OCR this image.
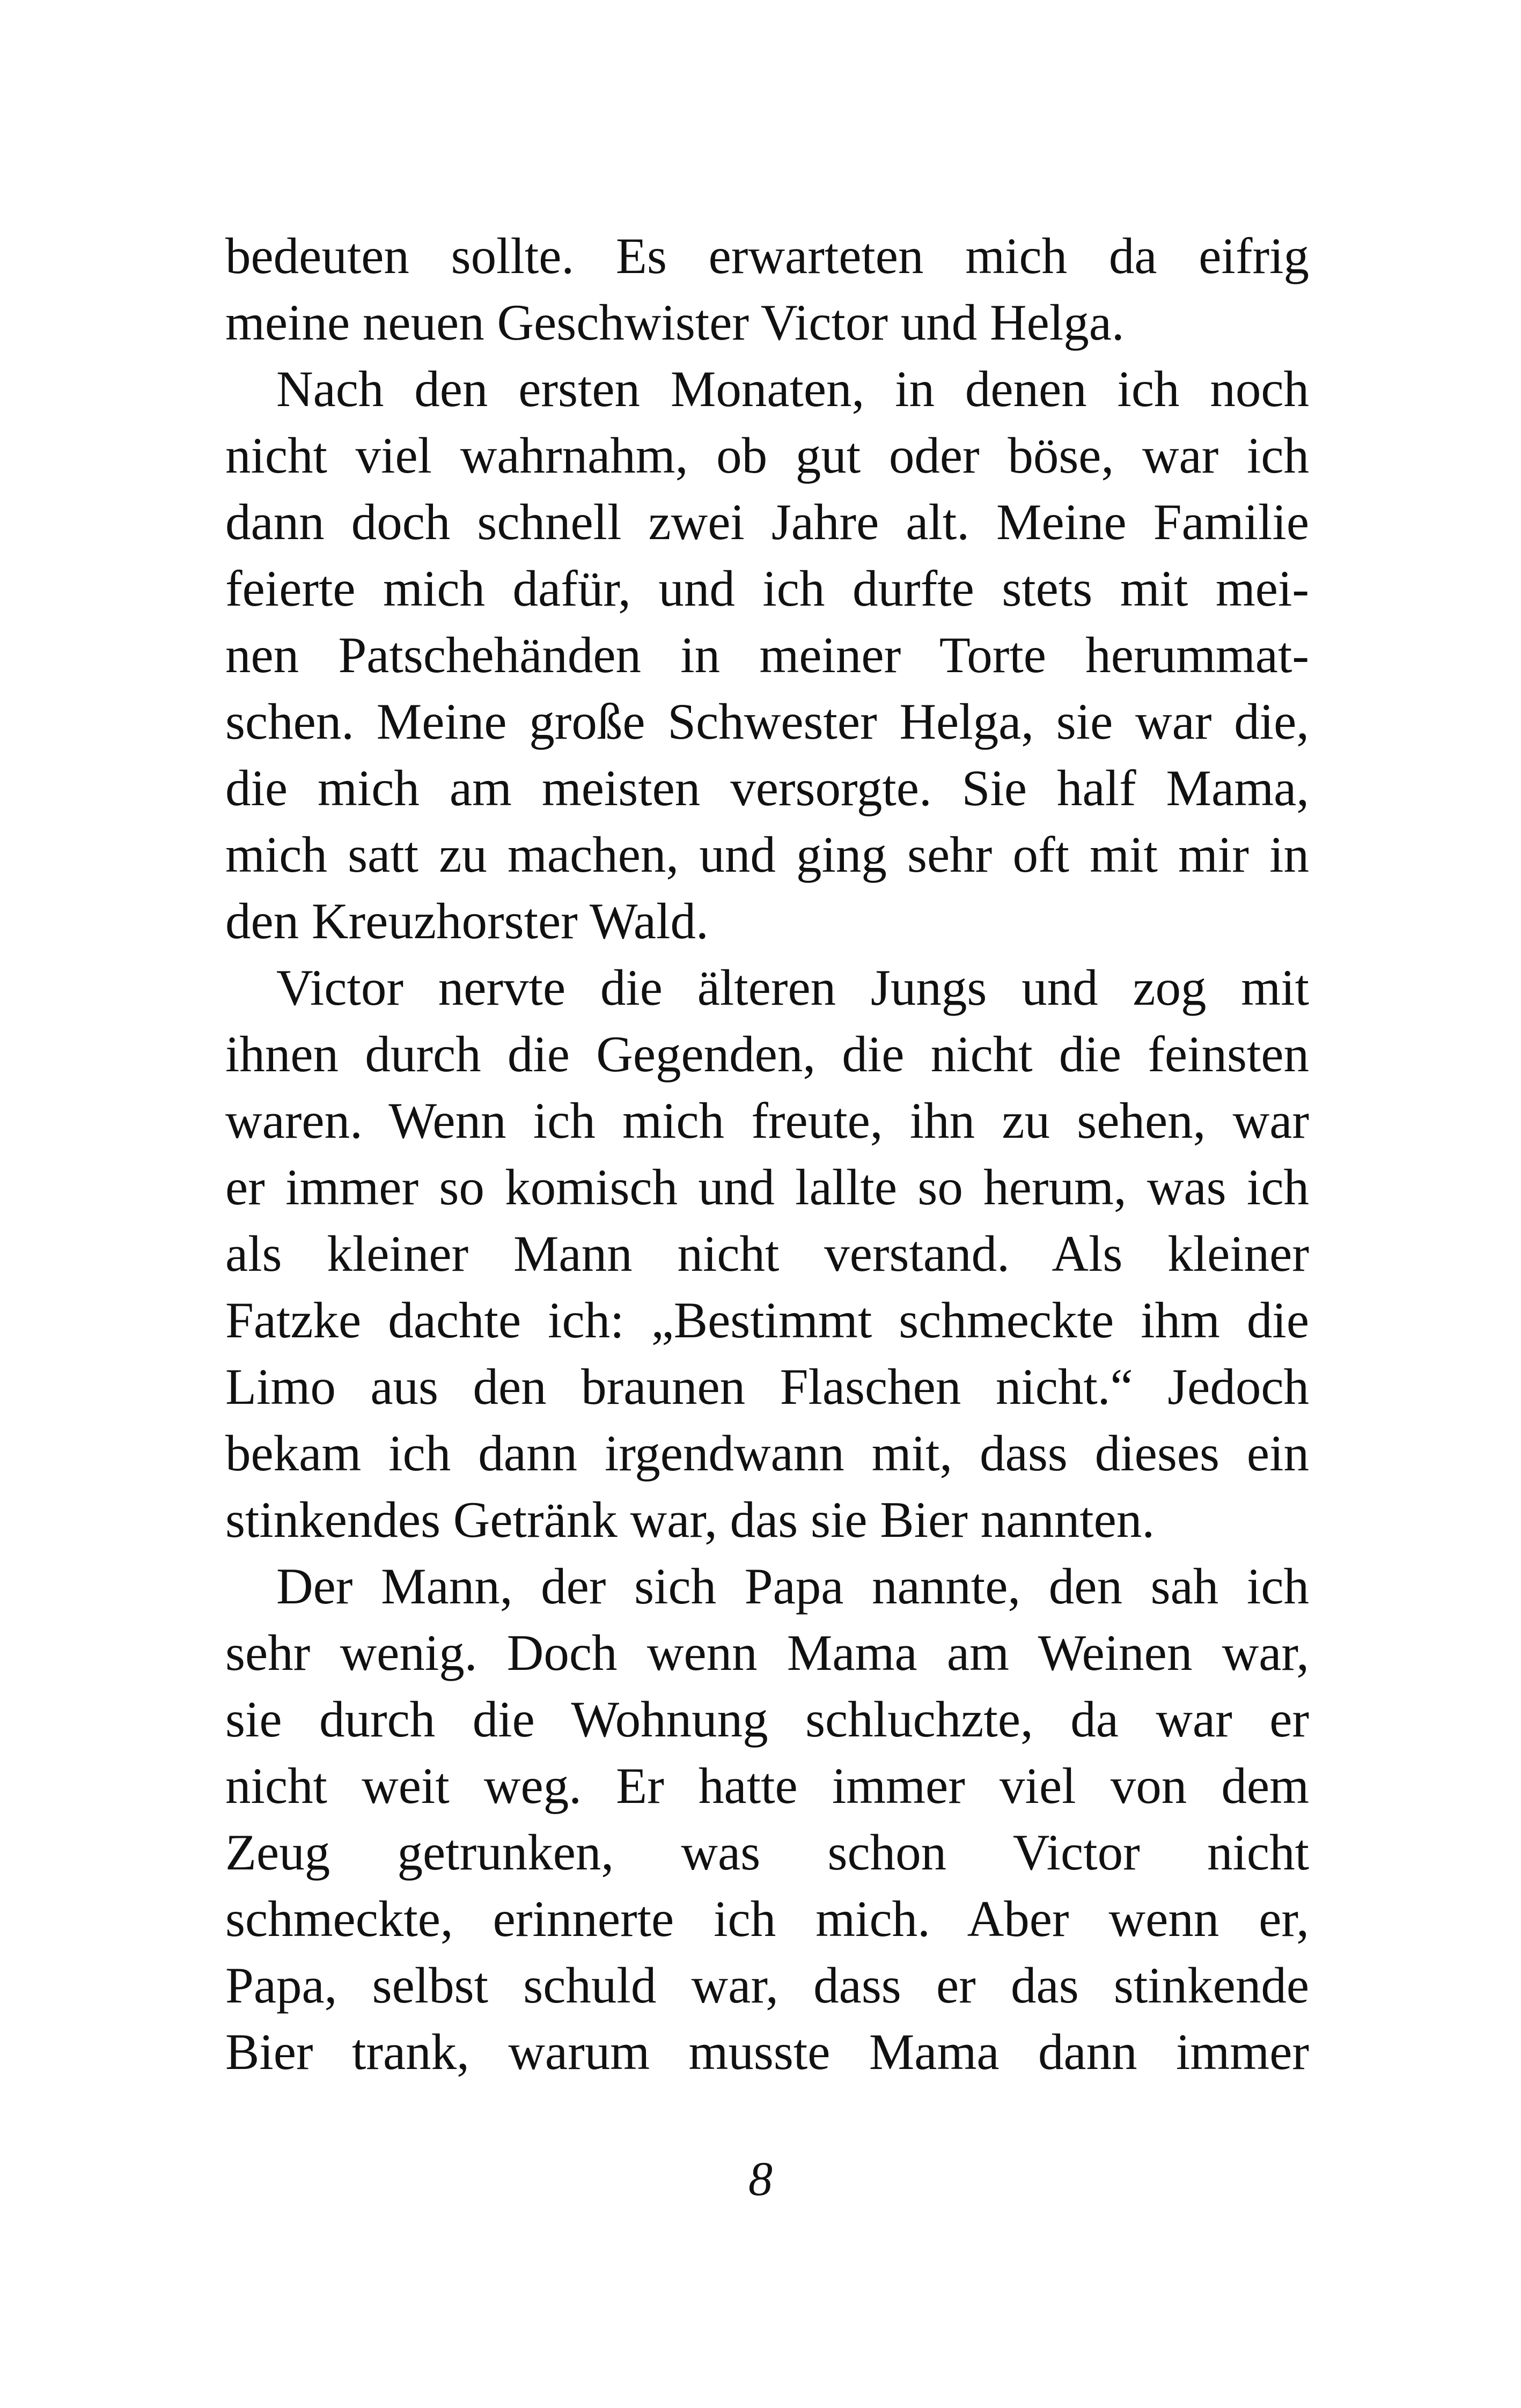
bedeuten sollte. Es erwarteten mich da eifrig
meine neuen Geschwister Victor und Helga.
Nach den ersten Monaten, in denen ich noch
nicht viel wahrnahm, ob gut oder böse, war ich
dann doch schnell zwei Jahre alt. Meine Familie
feierte mich dafür, und ich durfte stets mit mei-
nen Patschehänden in meiner Torte herummat-
schen. Meine große Schwester Helga, sie war die,
die mich am meisten versorgte. Sie half Mama,
mich satt zu machen, und ging sehr oft mit mir in
den Kreuzhorster Wald.
Victor nervte die älteren Jungs und zog mit
ihnen durch die Gegenden, die nicht die feinsten
waren. Wenn ich mich freute, ihn zu sehen, war
er immer so komisch und lallte so herum, was ich
als kleiner Mann nicht verstand. Als kleiner
Fatzke dachte ich: „Bestimmt schmeckte ihm die
Limo aus den braunen Flaschen nicht.“ Jedoch
bekam ich dann irgendwann mit, dass dieses ein
stinkendes Getränk war, das sie Bier nannten.
Der Mann, der sich Papa nannte, den sah ich
sehr wenig. Doch wenn Mama am Weinen war,
sie durch die Wohnung schluchzte, da war er
nicht weit weg. Er hatte immer viel von dem
Zeug getrunken, was schon Victor nicht
schmeckte, erinnerte ich mich. Aber wenn er,
Papa, selbst schuld war, dass er das stinkende
Bier trank, warum musste Mama dann immer
8
